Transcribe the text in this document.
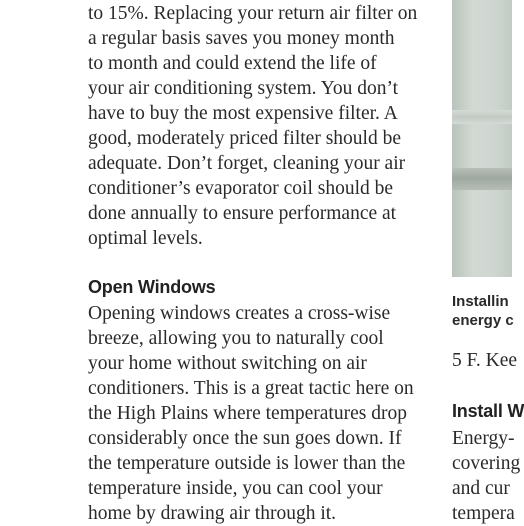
to 15%. Replacing your return air filter on
a regular basis saves you money month
to month and could extend the life of
your air conditioning system. You don’t
have to buy the most expensive filter. A
good, moderately priced filter should be
adequate. Don’t forget, cleaning your air
conditioner’s evaporator coil should be
done annually to ensure performance at
optimal levels.
Open Windows
Opening windows creates a cross-wise
breeze, allowing you to naturally cool
your home without switching on air
conditioners. This is a great tactic here on
the High Plains where temperatures drop
considerably once the sun goes down. If
the temperature outside is lower than the
temperature inside, you can cool your
home by drawing air through it.
Installin
energy c
5 F. Kee
Install W
Energy-
covering
and cur
tempera
